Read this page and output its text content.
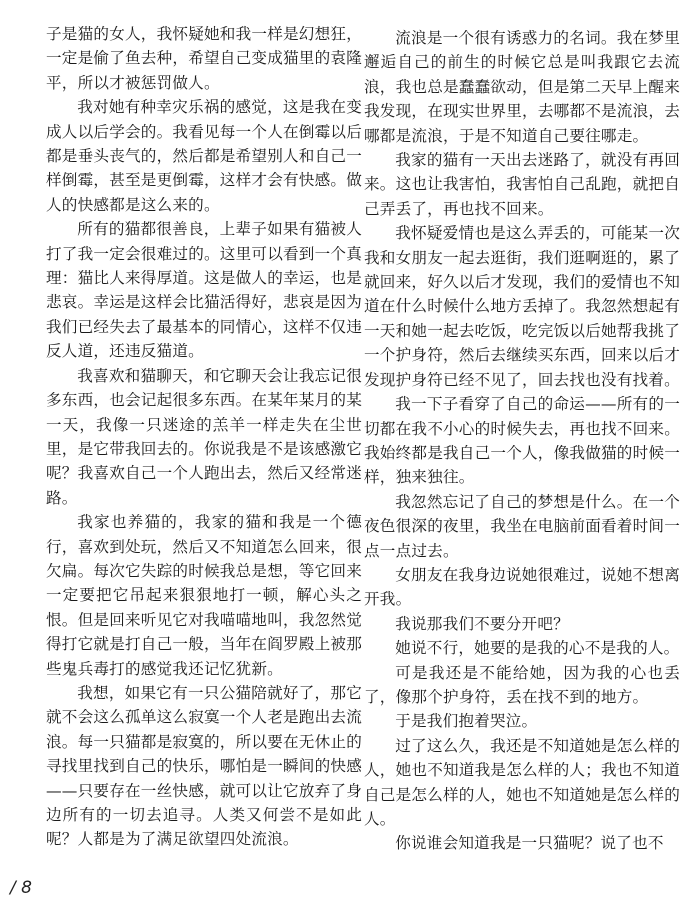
子是猫的女人，我怀疑她和我一样是幻想狂，一定是偷了鱼去种，希望自己变成猫里的袁隆平，所以才被惩罚做人。

我对她有种幸灾乐祸的感觉，这是我在变成人以后学会的。我看见每一个人在倒霉以后都是垂头丧气的，然后都是希望别人和自己一样倒霉，甚至是更倒霉，这样才会有快感。做人的快感都是这么来的。

所有的猫都很善良，上辈子如果有猫被人打了我一定会很难过的。这里可以看到一个真理：猫比人来得厚道。这是做人的幸运，也是悲哀。幸运是这样会比猫活得好，悲哀是因为我们已经失去了最基本的同情心，这样不仅违反人道，还违反猫道。

我喜欢和猫聊天，和它聊天会让我忘记很多东西，也会记起很多东西。在某年某月的某一天，我像一只迷途的羔羊一样走失在尘世里，是它带我回去的。你说我是不是该感激它呢？我喜欢自己一个人跑出去，然后又经常迷路。

我家也养猫的，我家的猫和我是一个德行，喜欢到处玩，然后又不知道怎么回来，很欠扁。每次它失踪的时候我总是想，等它回来一定要把它吊起来狠狠地打一顿，解心头之恨。但是回来听见它对我喵喵地叫，我忽然觉得打它就是打自己一般，当年在阎罗殿上被那些鬼兵毒打的感觉我还记忆犹新。

我想，如果它有一只公猫陪就好了，那它就不会这么孤单这么寂寞一个人老是跑出去流浪。每一只猫都是寂寞的，所以要在无休止的寻找里找到自己的快乐，哪怕是一瞬间的快感——只要存在一丝快感，就可以让它放弃了身边所有的一切去追寻。人类又何尝不是如此呢？人都是为了满足欲望四处流浪。

流浪是一个很有诱惑力的名词。我在梦里邂逅自己的前生的时候它总是叫我跟它去流浪，我也总是蠢蠢欲动，但是第二天早上醒来我发现，在现实世界里，去哪都不是流浪，去哪都是流浪，于是不知道自己要往哪走。

我家的猫有一天出去迷路了，就没有再回来。这也让我害怕，我害怕自己乱跑，就把自己弄丢了，再也找不回来。

我怀疑爱情也是这么弄丢的，可能某一次我和女朋友一起去逛街，我们逛啊逛的，累了就回来，好久以后才发现，我们的爱情也不知道在什么时候什么地方丢掉了。我忽然想起有一天和她一起去吃饭，吃完饭以后她帮我挑了一个护身符，然后去继续买东西，回来以后才发现护身符已经不见了，回去找也没有找着。

我一下子看穿了自己的命运——所有的一切都在我不小心的时候失去，再也找不回来。我始终都是我自己一个人，像我做猫的时候一样，独来独往。

我忽然忘记了自己的梦想是什么。在一个夜色很深的夜里，我坐在电脑前面看着时间一点一点过去。

女朋友在我身边说她很难过，说她不想离开我。

我说那我们不要分开吧？

她说不行，她要的是我的心不是我的人。

可是我还是不能给她，因为我的心也丢了，像那个护身符，丢在找不到的地方。

于是我们抱着哭泣。

过了这么久，我还是不知道她是怎么样的人，她也不知道我是怎么样的人；我也不知道自己是怎么样的人，她也不知道她是怎么样的人。

你说谁会知道我是一只猫呢？说了也不

/ 8
